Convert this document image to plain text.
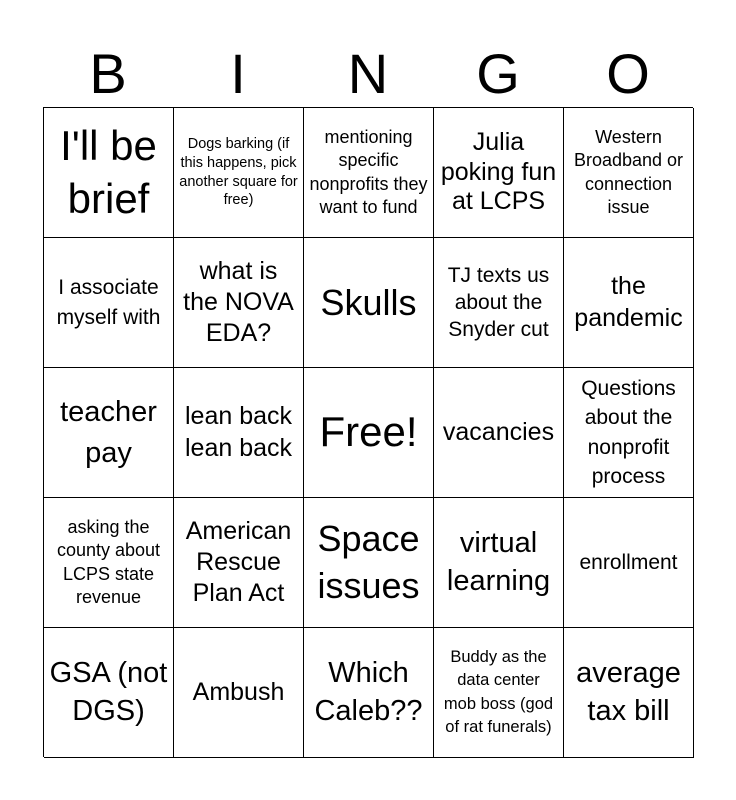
B	I	N	G	O
I'll be brief
Dogs barking (if this happens, pick another square for free)
mentioning specific nonprofits they want to fund
Julia poking fun at LCPS
Western Broadband or connection issue
I associate myself with
what is the NOVA EDA?
Skulls
TJ texts us about the Snyder cut
the pandemic
teacher pay
lean back lean back Free! vacancies
Questions about the nonprofit process
asking the county about LCPS state revenue
American Rescue Plan Act
Space issues
virtual learning
enrollment
GSA (not DGS)
Ambush
Which Caleb??
Buddy as the data center mob boss (god of rat funerals)
average tax bill
